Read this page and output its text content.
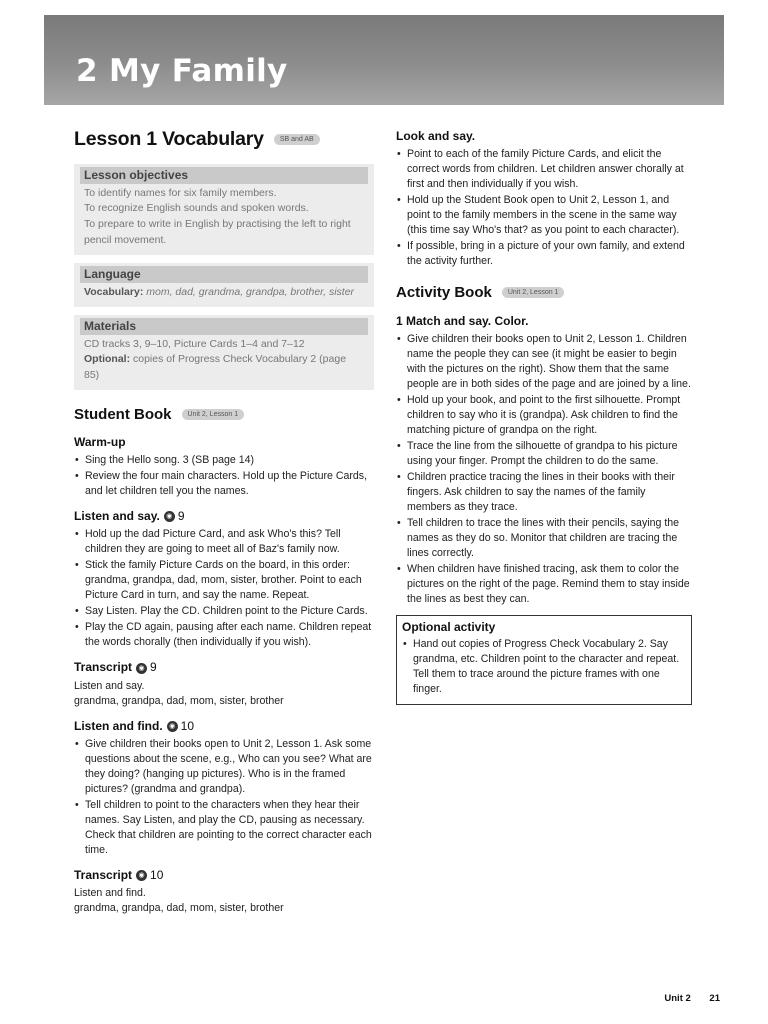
2 My Family
Lesson 1 Vocabulary	SB and AB
Lesson objectives
To identify names for six family members.
To recognize English sounds and spoken words.
To prepare to write in English by practising the left to right pencil movement.
Language
Vocabulary: mom, dad, grandma, grandpa, brother, sister
Materials
CD tracks 3, 9–10, Picture Cards 1–4 and 7–12
Optional: copies of Progress Check Vocabulary 2 (page 85)
Student Book	Unit 2, Lesson 1
Warm-up
• Sing the Hello song. 3 (SB page 14)
• Review the four main characters. Hold up the Picture Cards, and let children tell you the names.
Listen and say. ◉ 9
• Hold up the dad Picture Card, and ask Who's this? Tell children they are going to meet all of Baz's family now.
• Stick the family Picture Cards on the board, in this order: grandma, grandpa, dad, mom, sister, brother. Point to each Picture Card in turn, and say the name. Repeat.
• Say Listen. Play the CD. Children point to the Picture Cards.
• Play the CD again, pausing after each name. Children repeat the words chorally (then individually if you wish).
Transcript ◉ 9
Listen and say.
grandma, grandpa, dad, mom, sister, brother
Listen and find. ◉ 10
• Give children their books open to Unit 2, Lesson 1. Ask some questions about the scene, e.g., Who can you see? What are they doing? (hanging up pictures). Who is in the framed pictures? (grandma and grandpa).
• Tell children to point to the characters when they hear their names. Say Listen, and play the CD, pausing as necessary. Check that children are pointing to the correct character each time.
Transcript ◉ 10
Listen and find.
grandma, grandpa, dad, mom, sister, brother
Look and say.
• Point to each of the family Picture Cards, and elicit the correct words from children. Let children answer chorally at first and then individually if you wish.
• Hold up the Student Book open to Unit 2, Lesson 1, and point to the family members in the scene in the same way (this time say Who's that? as you point to each character).
• If possible, bring in a picture of your own family, and extend the activity further.
Activity Book	Unit 2, Lesson 1
1 Match and say. Color.
• Give children their books open to Unit 2, Lesson 1. Children name the people they can see (it might be easier to begin with the pictures on the right). Show them that the same people are in both sides of the page and are joined by a line.
• Hold up your book, and point to the first silhouette. Prompt children to say who it is (grandpa). Ask children to find the matching picture of grandpa on the right.
• Trace the line from the silhouette of grandpa to his picture using your finger. Prompt the children to do the same.
• Children practice tracing the lines in their books with their fingers. Ask children to say the names of the family members as they trace.
• Tell children to trace the lines with their pencils, saying the names as they do so. Monitor that children are tracing the lines correctly.
• When children have finished tracing, ask them to color the pictures on the right of the page. Remind them to stay inside the lines as best they can.
Optional activity
• Hand out copies of Progress Check Vocabulary 2. Say grandma, etc. Children point to the character and repeat. Tell them to trace around the picture frames with one finger.
Unit 2 21
